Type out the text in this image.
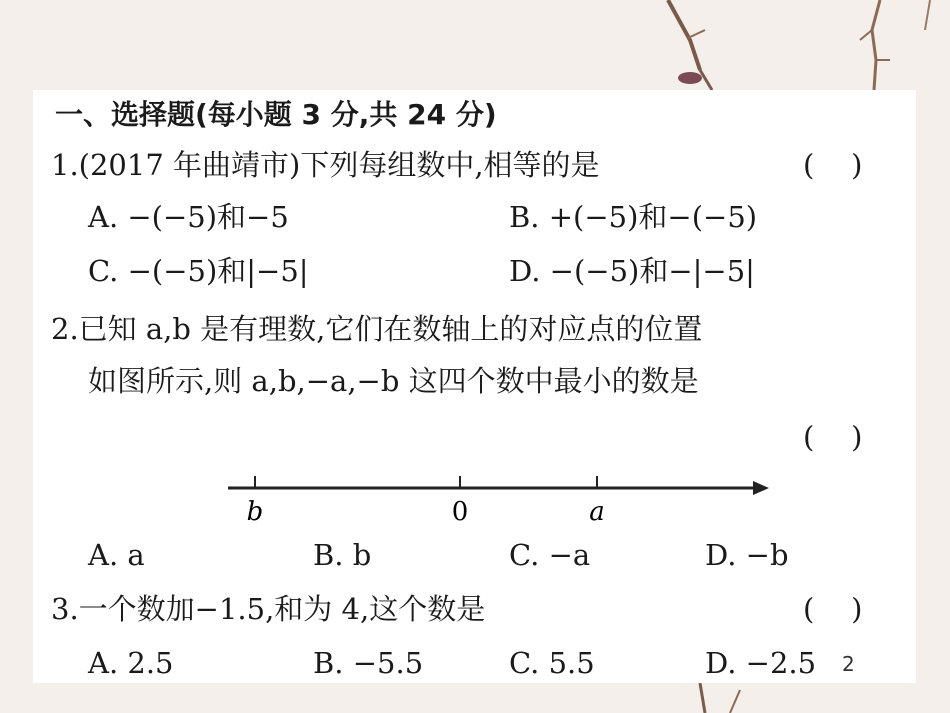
一、选择题(每小题 3 分,共 24 分)
1.(2017 年曲靖市)下列每组数中,相等的是	(    )
A. −(−5)和−5	B. +(−5)和−(−5)
C. −(−5)和|−5|	D. −(−5)和−|−5|
2.已知 a,b 是有理数,它们在数轴上的对应点的位置
如图所示,则 a,b,−a,−b 这四个数中最小的数是
(    )
b	0	a
A. a	B. b	C. −a	D. −b
3.一个数加−1.5,和为 4,这个数是	(    )
A. 2.5	B. −5.5	C. 5.5	D. −2.5 2
